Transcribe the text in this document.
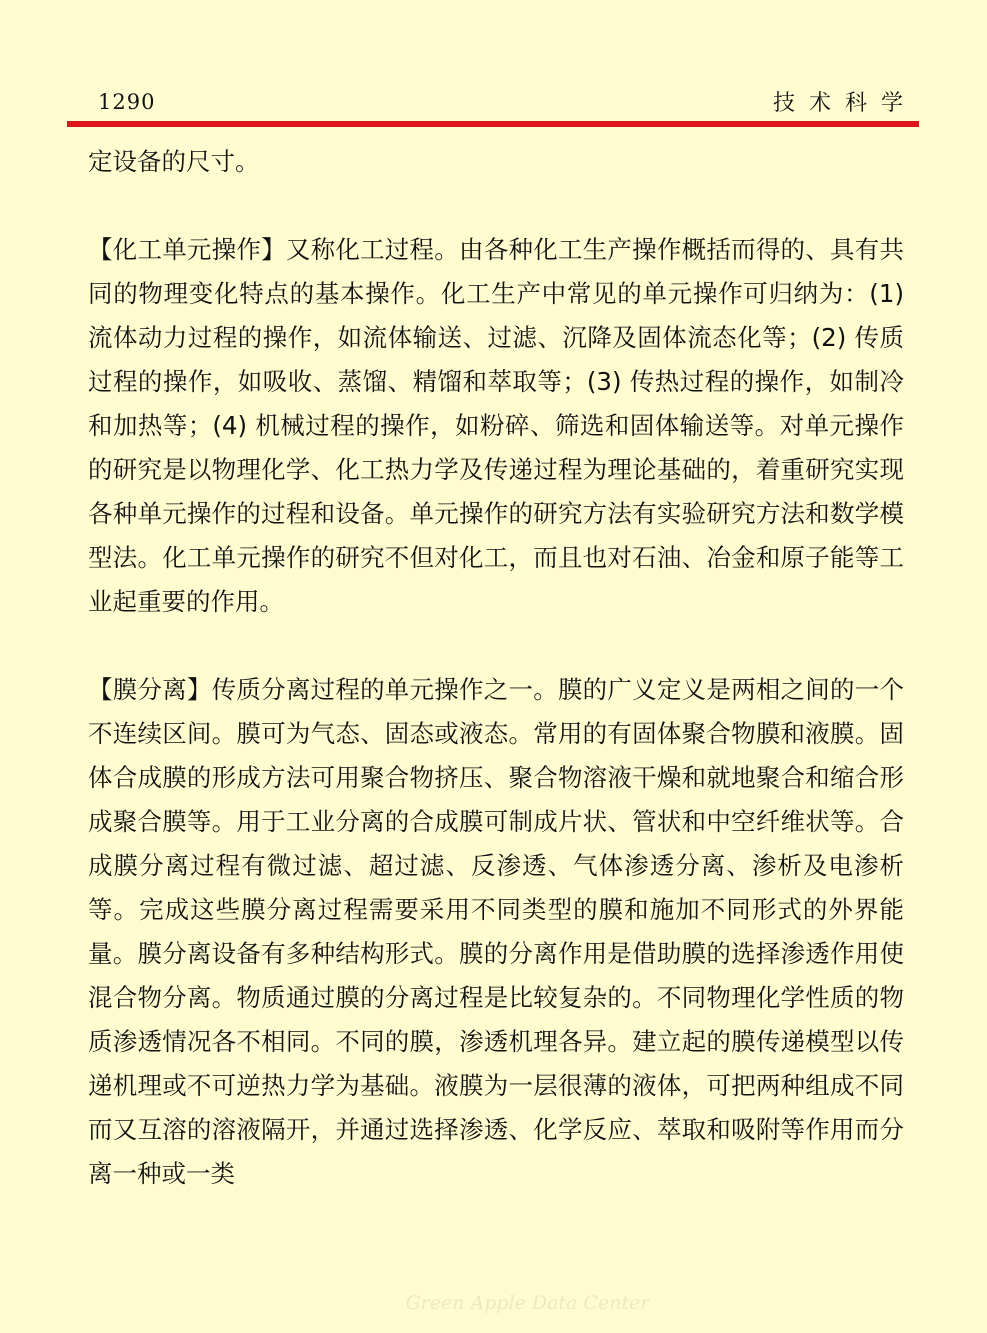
1290	技术科学

定设备的尺寸。

【化工单元操作】又称化工过程。由各种化工生产操作概括而得的、具有共同的物理变化特点的基本操作。化工生产中常见的单元操作可归纳为：(1) 流体动力过程的操作，如流体输送、过滤、沉降及固体流态化等；(2) 传质过程的操作，如吸收、蒸馏、精馏和萃取等；(3) 传热过程的操作，如制冷和加热等；(4) 机械过程的操作，如粉碎、筛选和固体输送等。对单元操作的研究是以物理化学、化工热力学及传递过程为理论基础的，着重研究实现各种单元操作的过程和设备。单元操作的研究方法有实验研究方法和数学模型法。化工单元操作的研究不但对化工，而且也对石油、冶金和原子能等工业起重要的作用。

【膜分离】传质分离过程的单元操作之一。膜的广义定义是两相之间的一个不连续区间。膜可为气态、固态或液态。常用的有固体聚合物膜和液膜。固体合成膜的形成方法可用聚合物挤压、聚合物溶液干燥和就地聚合和缩合形成聚合膜等。用于工业分离的合成膜可制成片状、管状和中空纤维状等。合成膜分离过程有微过滤、超过滤、反渗透、气体渗透分离、渗析及电渗析等。完成这些膜分离过程需要采用不同类型的膜和施加不同形式的外界能量。膜分离设备有多种结构形式。膜的分离作用是借助膜的选择渗透作用使混合物分离。物质通过膜的分离过程是比较复杂的。不同物理化学性质的物质渗透情况各不相同。不同的膜，渗透机理各异。建立起的膜传递模型以传递机理或不可逆热力学为基础。液膜为一层很薄的液体，可把两种组成不同而又互溶的溶液隔开，并通过选择渗透、化学反应、萃取和吸附等作用而分离一种或一类

Green Apple Data Center
